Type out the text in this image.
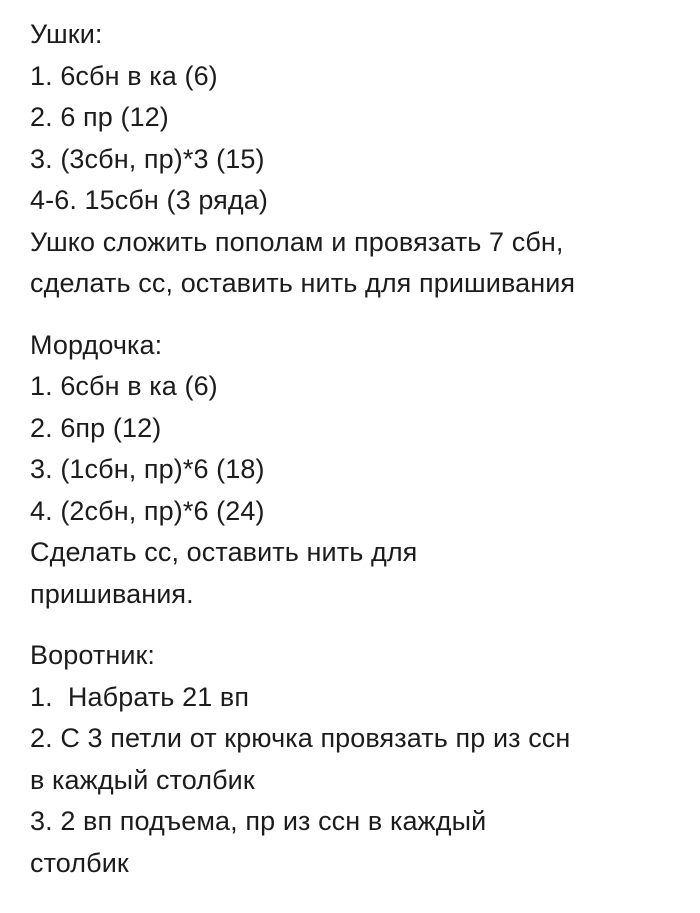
Ушки:
1. 6сбн в ка (6)
2. 6 пр (12)
3. (3сбн, пр)*3 (15)
4-6. 15сбн (3 ряда)
Ушко сложить пополам и провязать 7 сбн,
сделать сс, оставить нить для пришивания
Мордочка:
1. 6сбн в ка (6)
2. 6пр (12)
3. (1сбн, пр)*6 (18)
4. (2сбн, пр)*6 (24)
Сделать сс, оставить нить для
пришивания.
Воротник:
1.  Набрать 21 вп
2. С 3 петли от крючка провязать пр из ссн
в каждый столбик
3. 2 вп подъема, пр из ссн в каждый
столбик
